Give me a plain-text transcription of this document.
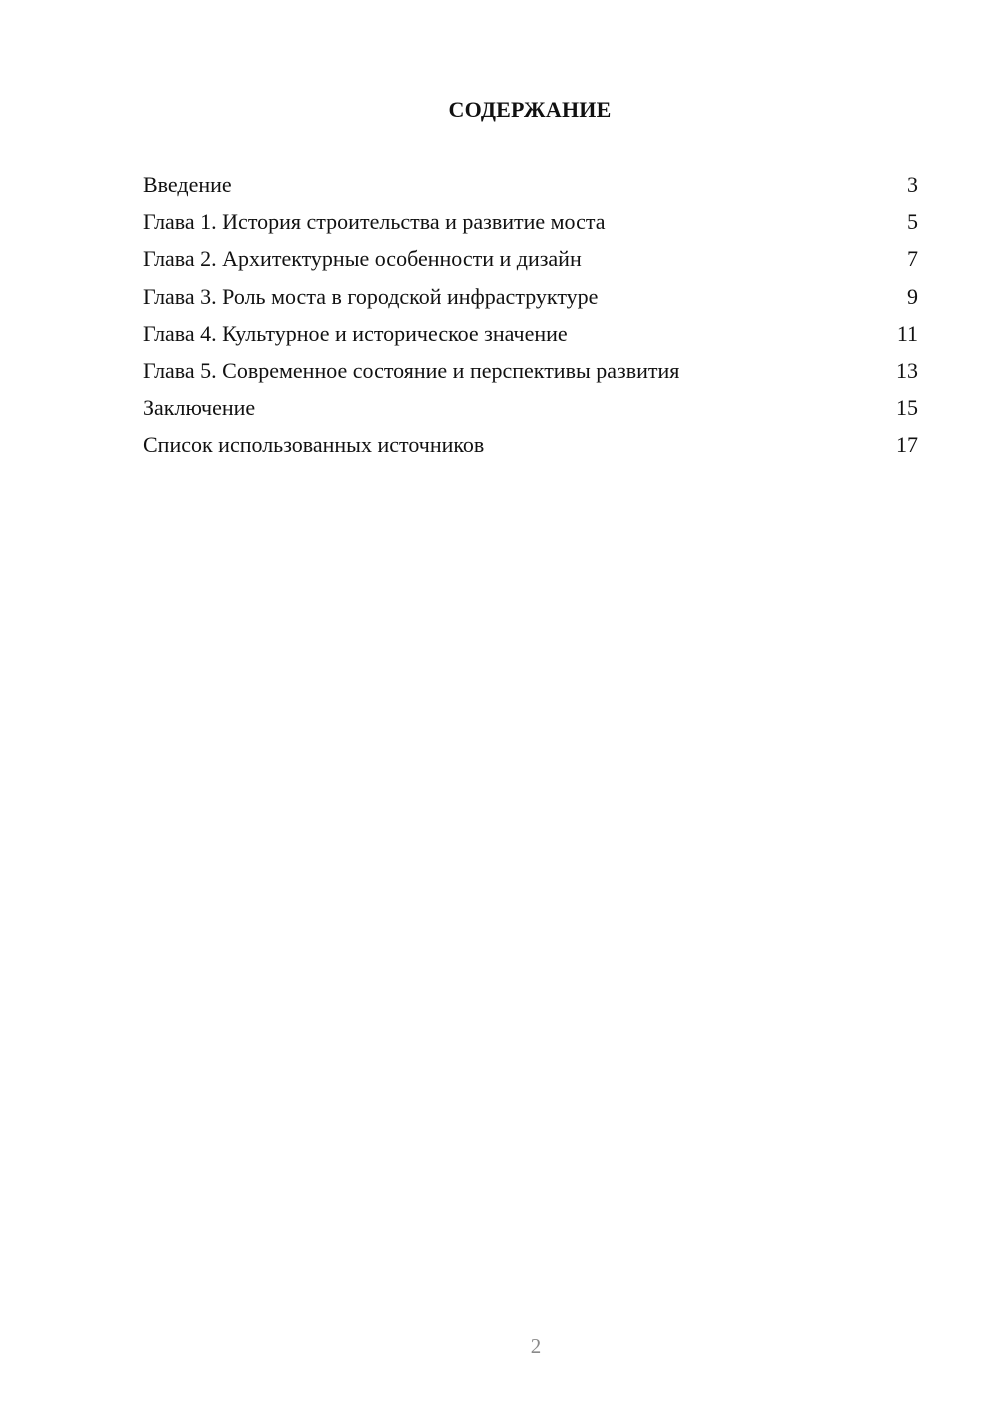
СОДЕРЖАНИЕ
Введение	3
Глава 1. История строительства и развитие моста	5
Глава 2. Архитектурные особенности и дизайн	7
Глава 3. Роль моста в городской инфраструктуре	9
Глава 4. Культурное и историческое значение	11
Глава 5. Современное состояние и перспективы развития	13
Заключение	15
Список использованных источников	17
2
